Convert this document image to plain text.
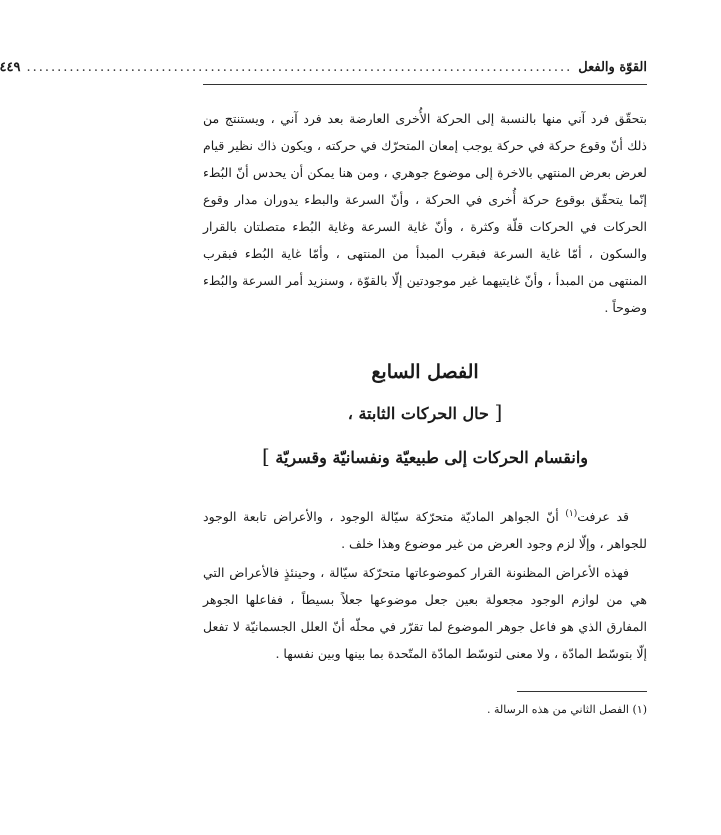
القوّة والفعل
.........................................................................................
٤٤٩

بتحقّق فرد آني منها بالنسبة إلى الحركة الأُخرى العارضة بعد فرد آني ، ويستنتج من ذلك أنّ وقوع حركة في حركة يوجب إمعان المتحرّك في حركته ، ويكون ذاك نظير قيام لعرض بعرض المنتهي بالاخرة إلى موضوع جوهري ، ومن هنا يمكن أن يحدس أنّ البُطء إنّما يتحقّق بوقوع حركة أُخرى في الحركة ، وأنّ السرعة والبطء يدوران مدار وقوع الحركات في الحركات قلّة وكثرة ، وأنّ غاية السرعة وغاية البُطء متصلتان بالقرار والسكون ، أمّا غاية السرعة فبقرب المبدأ من المنتهى ، وأمّا غاية البُطء فبقرب المنتهى من المبدأ ، وأنّ غايتيهما غير موجودتين إلّا بالقوّة ، وسنزيد أمر السرعة والبُطء وضوحاً .

الفصل السابع
[ حال الحركات الثابتة ،
وانقسام الحركات إلى طبيعيّة ونفسانيّة وقسريّة ]

قد عرفت$^{(١)}$ أنّ الجواهر الماديّة متحرّكة سيّالة الوجود ، والأعراض تابعة الوجود للجواهر ، وإلّا لزم وجود العرض من غير موضوع وهذا خلف .

فهذه الأعراض المظنونة القرار كموضوعاتها متحرّكة سيّالة ، وحينئذٍ فالأعراض التي هي من لوازم الوجود مجعولة بعين جعل موضوعها جعلاً بسيطاً ، ففاعلها الجوهر المفارق الذي هو فاعل جوهر الموضوع لما تقرّر في محلّه أنّ العلل الجسمانيّة لا تفعل إلّا بتوسّط المادّة ، ولا معنى لتوسّط المادّة المتّحدة بما بينها وبين نفسها .

(١) الفصل الثاني من هذه الرسالة .
